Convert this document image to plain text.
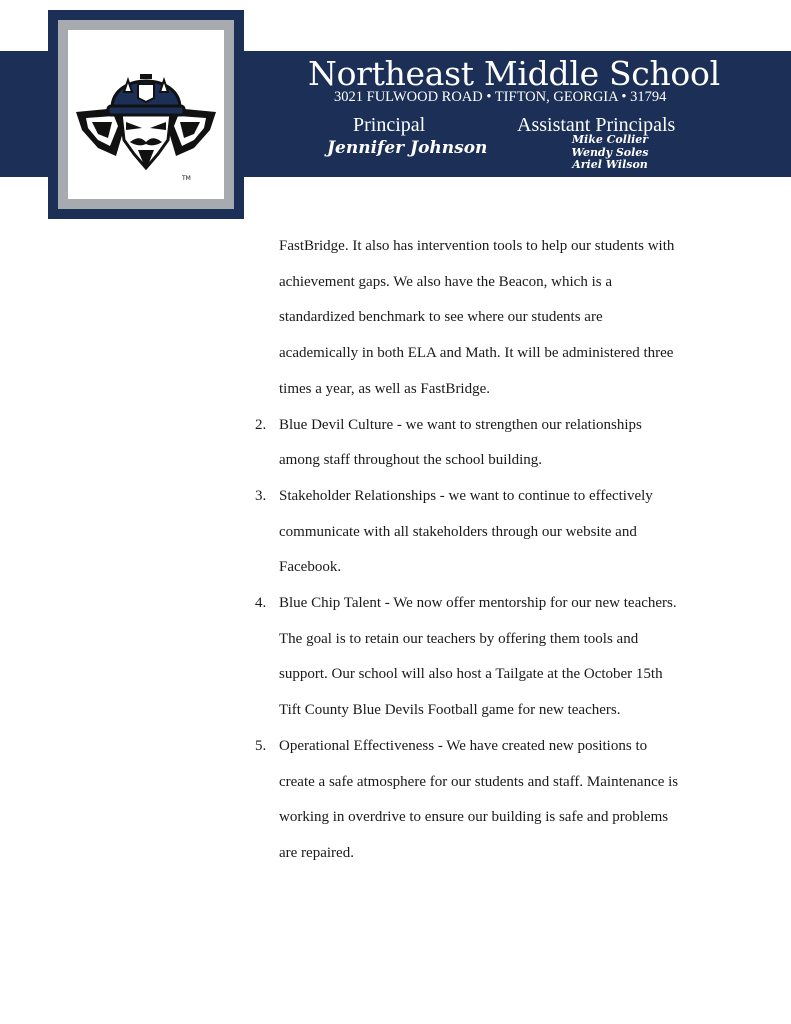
TM
Northeast Middle School
3021 FULWOOD ROAD • TIFTON, GEORGIA • 31794
Principal
Jennifer Johnson
Assistant Principals
Mike Collier
Wendy Soles
Ariel Wilson
FastBridge. It also has intervention tools to help our students with
achievement gaps. We also have the Beacon, which is a
standardized benchmark to see where our students are
academically in both ELA and Math. It will be administered three
times a year, as well as FastBridge.
2. Blue Devil Culture - we want to strengthen our relationships
among staff throughout the school building.
3. Stakeholder Relationships - we want to continue to effectively
communicate with all stakeholders through our website and
Facebook.
4. Blue Chip Talent - We now offer mentorship for our new teachers.
The goal is to retain our teachers by offering them tools and
support. Our school will also host a Tailgate at the October 15th
Tift County Blue Devils Football game for new teachers.
5. Operational Effectiveness - We have created new positions to
create a safe atmosphere for our students and staff. Maintenance is
working in overdrive to ensure our building is safe and problems
are repaired.
